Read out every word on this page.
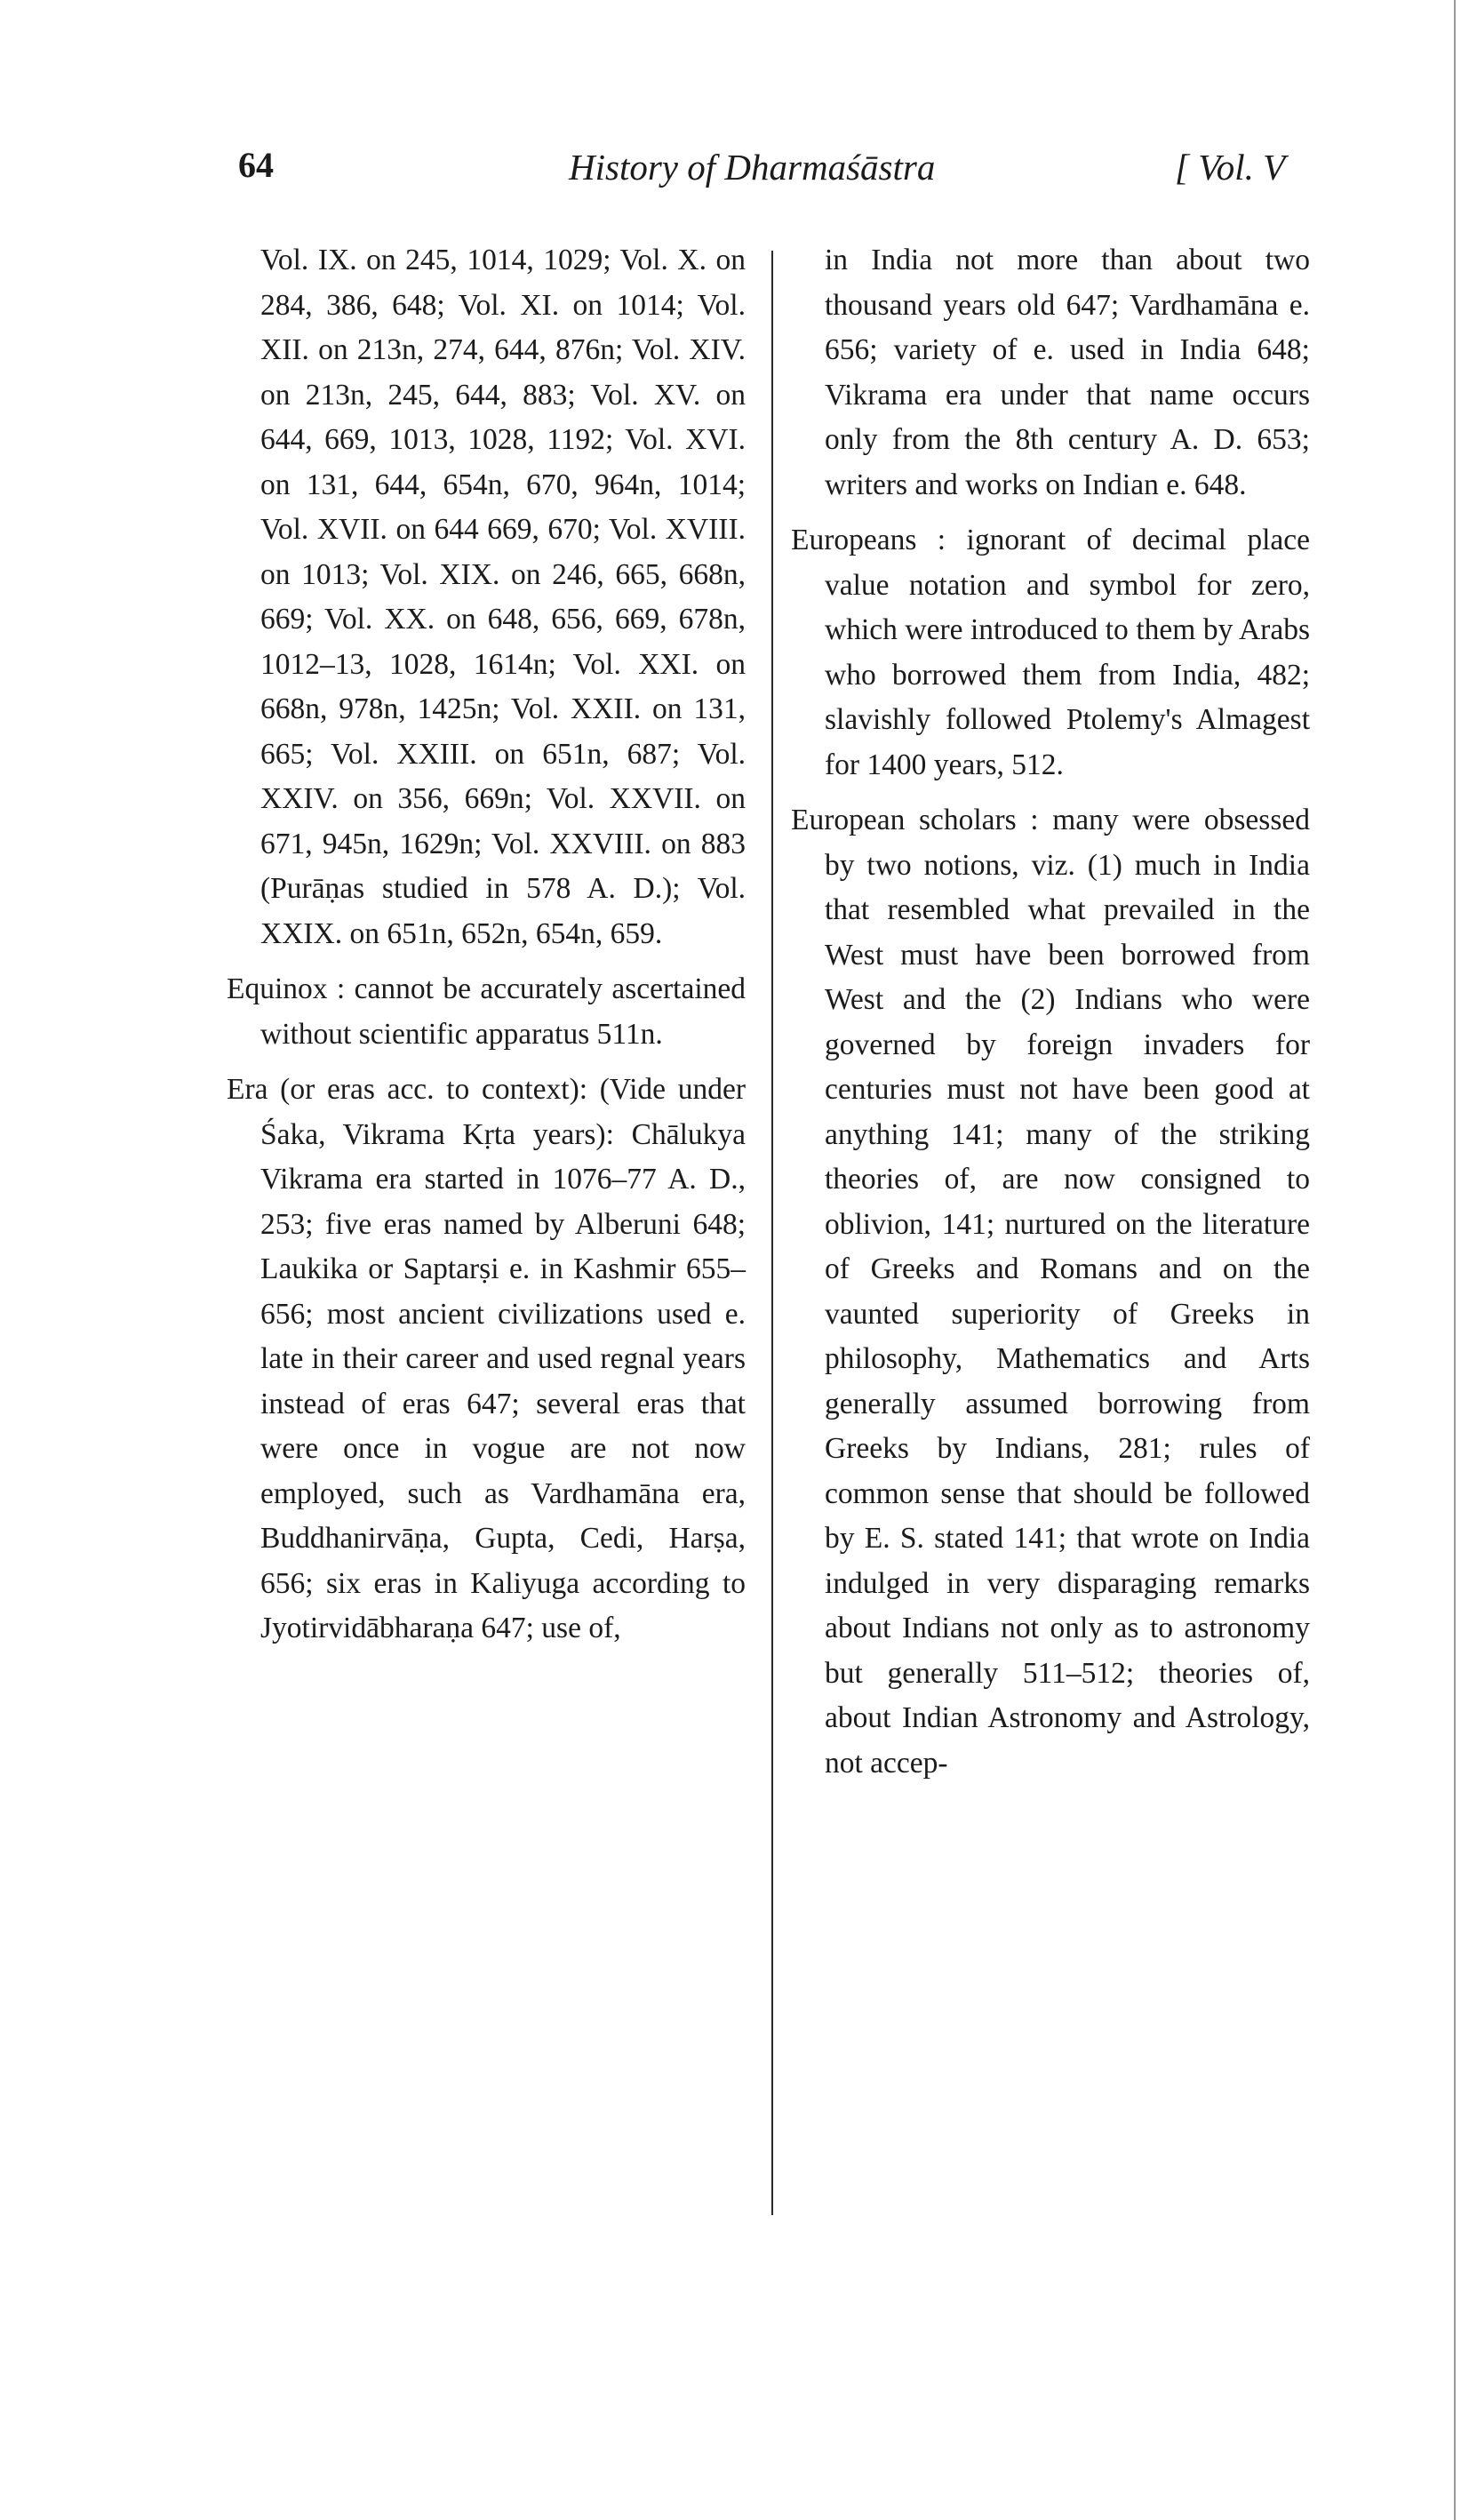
64	History of Dharmaśāstra	[ Vol. V

Vol. IX. on 245, 1014, 1029; Vol. X. on 284, 386, 648; Vol. XI. on 1014; Vol. XII. on 213n, 274, 644, 876n; Vol. XIV. on 213n, 245, 644, 883; Vol. XV. on 644, 669, 1013, 1028, 1192; Vol. XVI. on 131, 644, 654n, 670, 964n, 1014; Vol. XVII. on 644 669, 670; Vol. XVIII. on 1013; Vol. XIX. on 246, 665, 668n, 669; Vol. XX. on 648, 656, 669, 678n, 1012–13, 1028, 1614n; Vol. XXI. on 668n, 978n, 1425n; Vol. XXII. on 131, 665; Vol. XXIII. on 651n, 687; Vol. XXIV. on 356, 669n; Vol. XXVII. on 671, 945n, 1629n; Vol. XXVIII. on 883 (Purāṇas studied in 578 A. D.); Vol. XXIX. on 651n, 652n, 654n, 659.

Equinox : cannot be accurately ascertained without scientific apparatus 511n.

Era (or eras acc. to context): (Vide under Śaka, Vikrama Kṛta years): Chālukya Vikrama era started in 1076–77 A. D., 253; five eras named by Alberuni 648; Laukika or Saptarṣi e. in Kashmir 655–656; most ancient civilizations used e. late in their career and used regnal years instead of eras 647; several eras that were once in vogue are not now employed, such as Vardhamāna era, Buddhanirvāṇa, Gupta, Cedi, Harṣa, 656; six eras in Kaliyuga according to Jyotirvidābharaṇa 647; use of,

in India not more than about two thousand years old 647; Vardhamāna e. 656; variety of e. used in India 648; Vikrama era under that name occurs only from the 8th century A. D. 653; writers and works on Indian e. 648.

Europeans : ignorant of decimal place value notation and symbol for zero, which were introduced to them by Arabs who borrowed them from India, 482; slavishly followed Ptolemy's Almagest for 1400 years, 512.

European scholars : many were obsessed by two notions, viz. (1) much in India that resembled what prevailed in the West must have been borrowed from West and the (2) Indians who were governed by foreign invaders for centuries must not have been good at anything 141; many of the striking theories of, are now consigned to oblivion, 141; nurtured on the literature of Greeks and Romans and on the vaunted superiority of Greeks in philosophy, Mathematics and Arts generally assumed borrowing from Greeks by Indians, 281; rules of common sense that should be followed by E. S. stated 141; that wrote on India indulged in very disparaging remarks about Indians not only as to astronomy but generally 511–512; theories of, about Indian Astronomy and Astrology, not accep-
